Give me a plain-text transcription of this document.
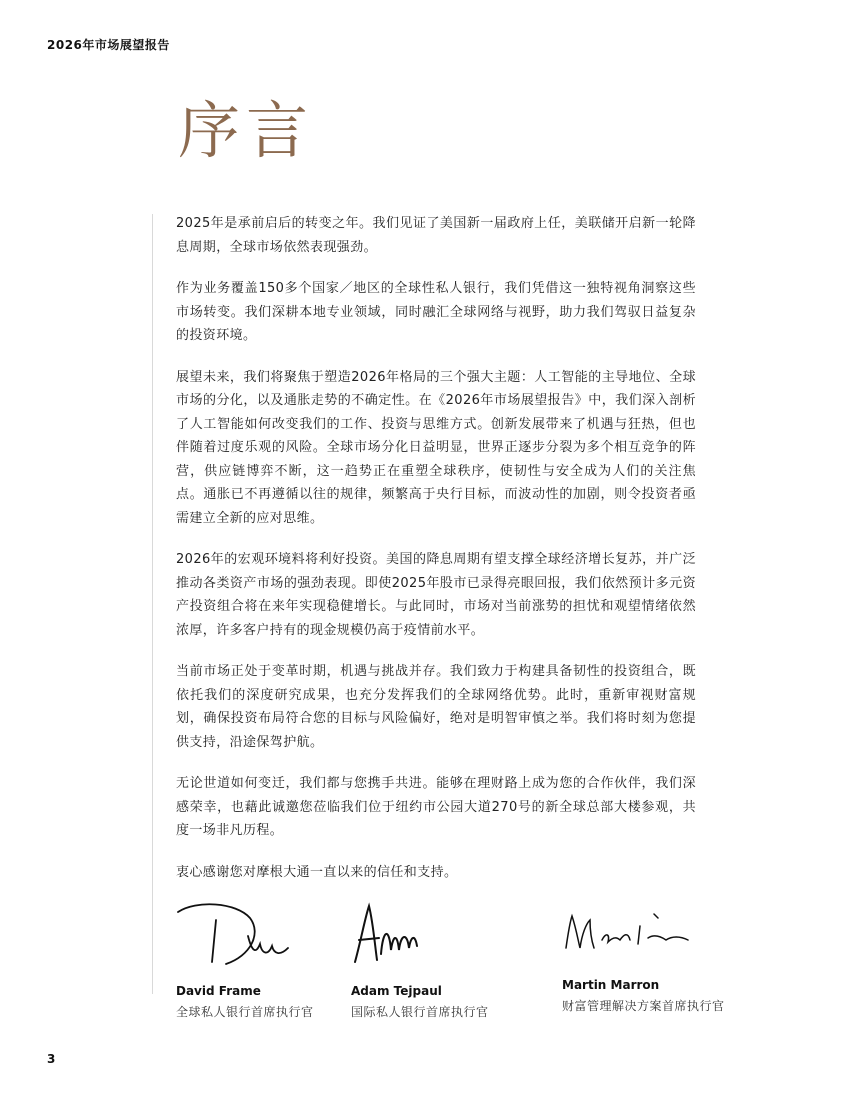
2026年市场展望报告
序言

2025年是承前启后的转变之年。我们见证了美国新一届政府上任，美联储开启新一轮降息周期，全球市场依然表现强劲。

作为业务覆盖150多个国家／地区的全球性私人银行，我们凭借这一独特视角洞察这些市场转变。我们深耕本地专业领域，同时融汇全球网络与视野，助力我们驾驭日益复杂的投资环境。

展望未来，我们将聚焦于塑造2026年格局的三个强大主题：人工智能的主导地位、全球市场的分化，以及通胀走势的不确定性。在《2026年市场展望报告》中，我们深入剖析了人工智能如何改变我们的工作、投资与思维方式。创新发展带来了机遇与狂热，但也伴随着过度乐观的风险。全球市场分化日益明显，世界正逐步分裂为多个相互竞争的阵营，供应链博弈不断，这一趋势正在重塑全球秩序，使韧性与安全成为人们的关注焦点。通胀已不再遵循以往的规律，频繁高于央行目标，而波动性的加剧，则令投资者亟需建立全新的应对思维。

2026年的宏观环境料将利好投资。美国的降息周期有望支撑全球经济增长复苏，并广泛推动各类资产市场的强劲表现。即使2025年股市已录得亮眼回报，我们依然预计多元资产投资组合将在来年实现稳健增长。与此同时，市场对当前涨势的担忧和观望情绪依然浓厚，许多客户持有的现金规模仍高于疫情前水平。

当前市场正处于变革时期，机遇与挑战并存。我们致力于构建具备韧性的投资组合，既依托我们的深度研究成果，也充分发挥我们的全球网络优势。此时，重新审视财富规划，确保投资布局符合您的目标与风险偏好，绝对是明智审慎之举。我们将时刻为您提供支持，沿途保驾护航。

无论世道如何变迁，我们都与您携手共进。能够在理财路上成为您的合作伙伴，我们深感荣幸，也藉此诚邀您莅临我们位于纽约市公园大道270号的新全球总部大楼参观，共度一场非凡历程。

衷心感谢您对摩根大通一直以来的信任和支持。

David Frame
全球私人银行首席执行官
Adam Tejpaul
国际私人银行首席执行官
Martin Marron
财富管理解决方案首席执行官
3
